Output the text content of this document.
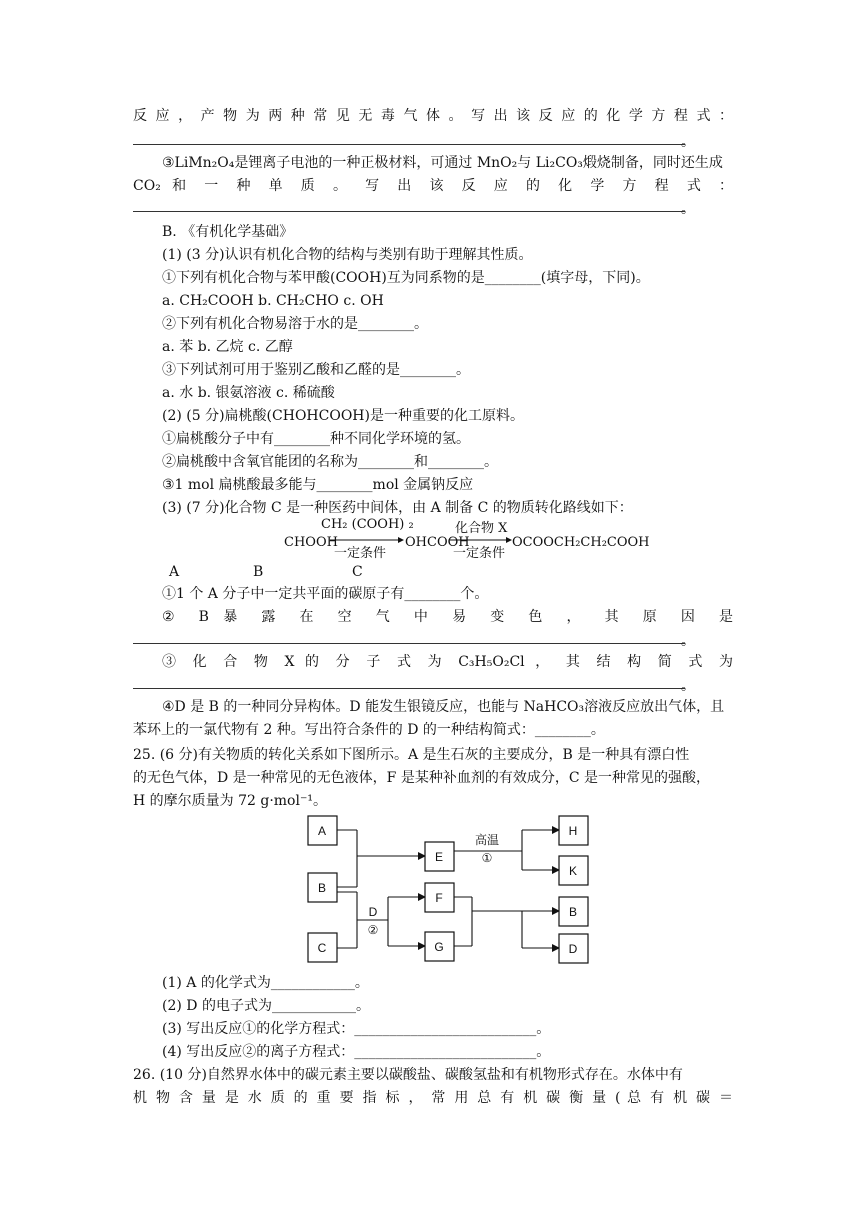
反 应 ， 产 物 为 两 种 常 见 无 毒 气 体 。 写 出 该 反 应 的 化 学 方 程 式 ：
。
③LiMn₂O₄是锂离子电池的一种正极材料，可通过 MnO₂与 Li₂CO₃煅烧制备，同时还生成
CO₂ 和 一 种 单 质 。 写 出 该 反 应 的 化 学 方 程 式 ：
。
B. 《有机化学基础》
(1) (3 分)认识有机化合物的结构与类别有助于理解其性质。
①下列有机化合物与苯甲酸(COOH)互为同系物的是________(填字母，下同)。
a. CH₂COOH b. CH₂CHO c. OH
②下列有机化合物易溶于水的是________。
a. 苯 b. 乙烷 c. 乙醇
③下列试剂可用于鉴别乙酸和乙醛的是________。
a. 水 b. 银氨溶液 c. 稀硫酸
(2) (5 分)扁桃酸(CHOHCOOH)是一种重要的化工原料。
①扁桃酸分子中有________种不同化学环境的氢。
②扁桃酸中含氧官能团的名称为________和________。
③1 mol 扁桃酸最多能与________mol 金属钠反应
(3) (7 分)化合物 C 是一种医药中间体，由 A 制备 C 的物质转化路线如下：
CH₂ (COOH) ₂	化合物 X
CHOOH	OHCOOH	OCOOCH₂CH₂COOH
一定条件	一定条件
A	B	C
①1 个 A 分子中一定共平面的碳原子有________个。
② B 暴 露 在 空 气 中 易 变 色 ， 其 原 因 是
。
③ 化 合 物 X 的 分 子 式 为 C₃H₅O₂Cl ， 其 结 构 简 式 为
。
④D 是 B 的一种同分异构体。D 能发生银镜反应，也能与 NaHCO₃溶液反应放出气体，且
苯环上的一氯代物有 2 种。写出符合条件的 D 的一种结构简式：________。
25. (6 分)有关物质的转化关系如下图所示。A 是生石灰的主要成分，B 是一种具有漂白性
的无色气体，D 是一种常见的无色液体，F 是某种补血剂的有效成分，C 是一种常见的强酸，
H 的摩尔质量为 72 g·mol⁻¹。
A
B
C
E
F
G
H
K
B
D
高温
①
D
②
(1) A 的化学式为____________。
(2) D 的电子式为____________。
(3) 写出反应①的化学方程式：__________________________。
(4) 写出反应②的离子方程式：__________________________。
26. (10 分)自然界水体中的碳元素主要以碳酸盐、碳酸氢盐和有机物形式存在。水体中有
机 物 含 量 是 水 质 的 重 要 指 标 ， 常 用 总 有 机 碳 衡 量 ( 总 有 机 碳 ＝
